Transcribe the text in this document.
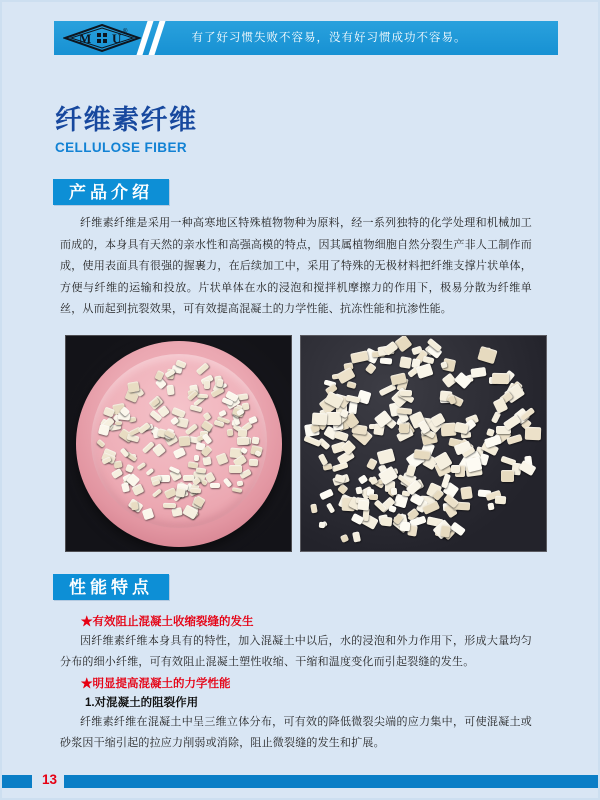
M U ®	有了好习惯失败不容易，没有好习惯成功不容易。
纤维素纤维
CELLULOSE FIBER
产品介绍

纤维素纤维是采用一种高寒地区特殊植物物种为原料，经一系列独特的化学处理和机械加工而成的，本身具有天然的亲水性和高强高模的特点，因其属植物细胞自然分裂生产非人工制作而成，使用表面具有很强的握裹力，在后续加工中，采用了特殊的无极材料把纤维支撑片状单体，方便与纤维的运输和投放。片状单体在水的浸泡和搅拌机摩擦力的作用下，极易分散为纤维单丝，从而起到抗裂效果，可有效提高混凝土的力学性能、抗冻性能和抗渗性能。

性能特点
★有效阻止混凝土收缩裂缝的发生

因纤维素纤维本身具有的特性，加入混凝土中以后，水的浸泡和外力作用下，形成大量均匀分布的细小纤维，可有效阻止混凝土塑性收缩、干缩和温度变化而引起裂缝的发生。

★明显提高混凝土的力学性能
1.对混凝土的阻裂作用

纤维素纤维在混凝土中呈三维立体分布，可有效的降低微裂尖端的应力集中，可使混凝土或砂浆因干缩引起的拉应力削弱或消除，阻止微裂缝的发生和扩展。

13
